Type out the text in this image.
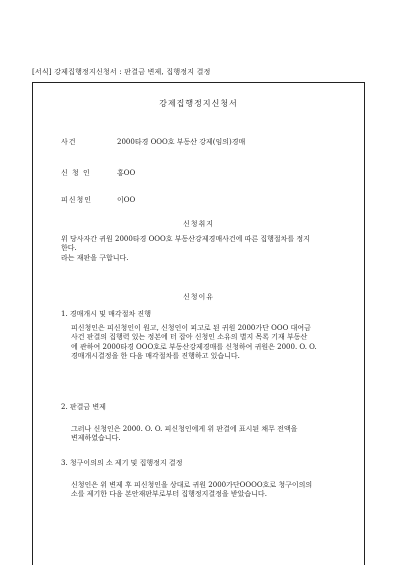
[서식] 강제집행정지신청서 : 판결금 변제, 집행정지 결정
강제집행정지신청서
사건	2000타경 OOO호 부동산 강제(임의)경매
신 청 인	홍OO
피신청인	이OO
신청취지
위 당사자간 귀원 2000타경 OOO호 부동산강제경매사건에 따른 집행절차를 정지
한다.
라는 재판을 구합니다.
신청이유
1. 경매개시 및 매각절차 진행
피신청인은 피신청인이 원고, 신청인이 피고로 된 귀원 2000가단 OOO 대여금
사건 판결의 집행력 있는 정본에 터 잡아 신청인 소유의 별지 목록 기재 부동산
에 관하여 2000타경 OOO호로 부동산강제경매를 신청하여 귀원은 2000. O. O.
경매개시결정을 한 다음 매각절차를 진행하고 있습니다.
2. 판결금 변제
그러나 신청인은 2000. O. O. 피신청인에게 위 판결에 표시된 채무 전액을
변제하였습니다.
3. 청구이의의 소 제기 및 집행정지 결정
신청인은 위 변제 후 피신청인을 상대로 귀원 2000가단OOOO호로 청구이의의
소를 제기한 다음 본안재판부로부터 집행정지결정을 받았습니다.
